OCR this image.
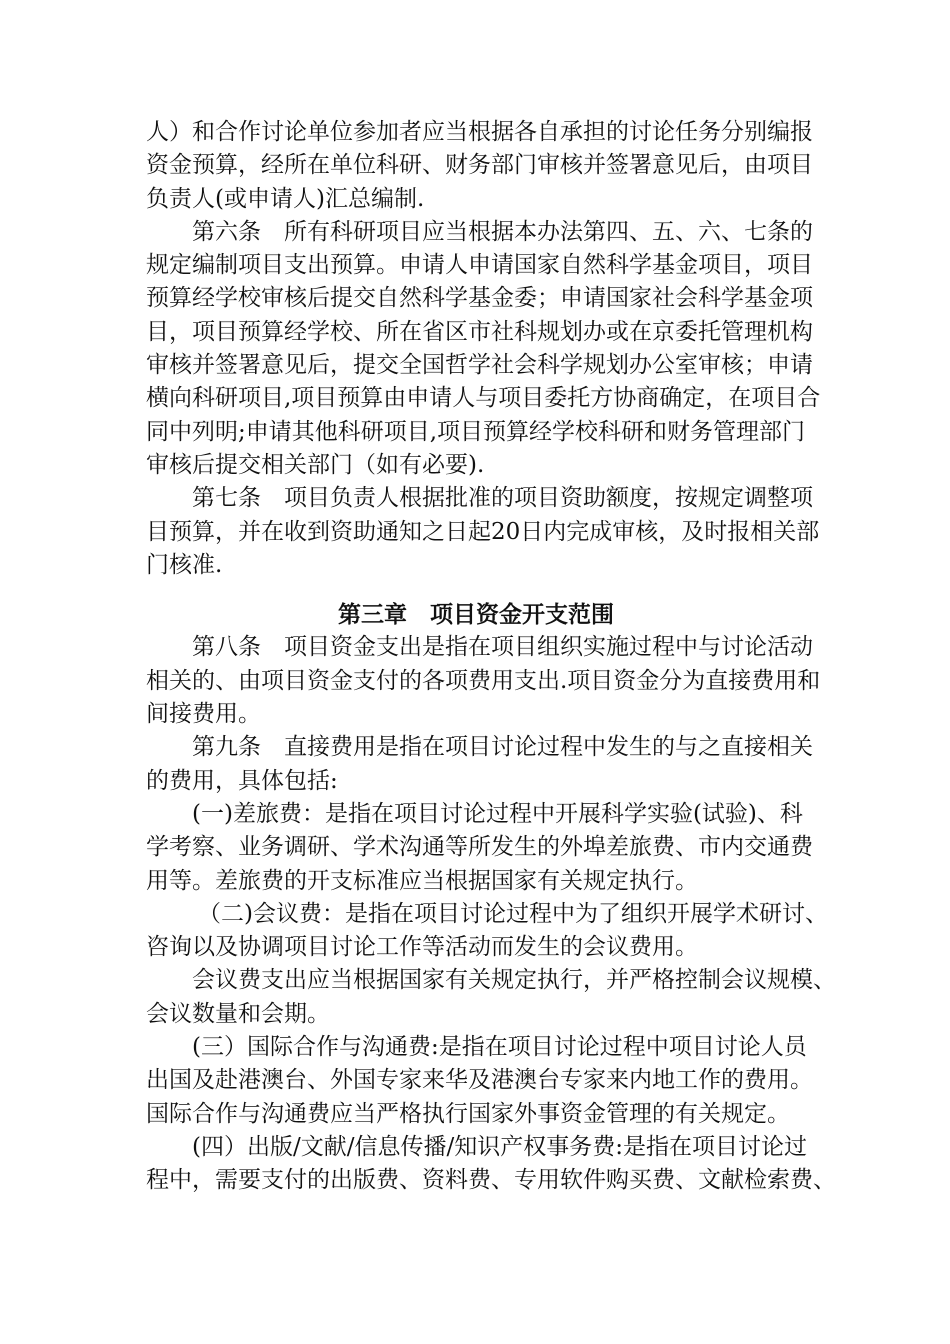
人）和合作讨论单位参加者应当根据各自承担的讨论任务分别编报
资金预算，经所在单位科研、财务部门审核并签署意见后，由项目
负责人(或申请人)汇总编制.
第六条　所有科研项目应当根据本办法第四、五、六、七条的
规定编制项目支出预算。申请人申请国家自然科学基金项目，项目
预算经学校审核后提交自然科学基金委；申请国家社会科学基金项
目，项目预算经学校、所在省区市社科规划办或在京委托管理机构
审核并签署意见后，提交全国哲学社会科学规划办公室审核；申请
横向科研项目,项目预算由申请人与项目委托方协商确定，在项目合
同中列明;申请其他科研项目,项目预算经学校科研和财务管理部门
审核后提交相关部门（如有必要).
第七条　项目负责人根据批准的项目资助额度，按规定调整项
目预算，并在收到资助通知之日起20日内完成审核，及时报相关部
门核准.
第三章　项目资金开支范围
第八条　项目资金支出是指在项目组织实施过程中与讨论活动
相关的、由项目资金支付的各项费用支出.项目资金分为直接费用和
间接费用。
第九条　直接费用是指在项目讨论过程中发生的与之直接相关
的费用，具体包括:
(一)差旅费：是指在项目讨论过程中开展科学实验(试验)、科
学考察、业务调研、学术沟通等所发生的外埠差旅费、市内交通费
用等。差旅费的开支标准应当根据国家有关规定执行。
（二)会议费：是指在项目讨论过程中为了组织开展学术研讨、
咨询以及协调项目讨论工作等活动而发生的会议费用。
会议费支出应当根据国家有关规定执行，并严格控制会议规模、
会议数量和会期。
(三）国际合作与沟通费:是指在项目讨论过程中项目讨论人员
出国及赴港澳台、外国专家来华及港澳台专家来内地工作的费用。
国际合作与沟通费应当严格执行国家外事资金管理的有关规定。
(四）出版/文献/信息传播/知识产权事务费:是指在项目讨论过
程中，需要支付的出版费、资料费、专用软件购买费、文献检索费、
